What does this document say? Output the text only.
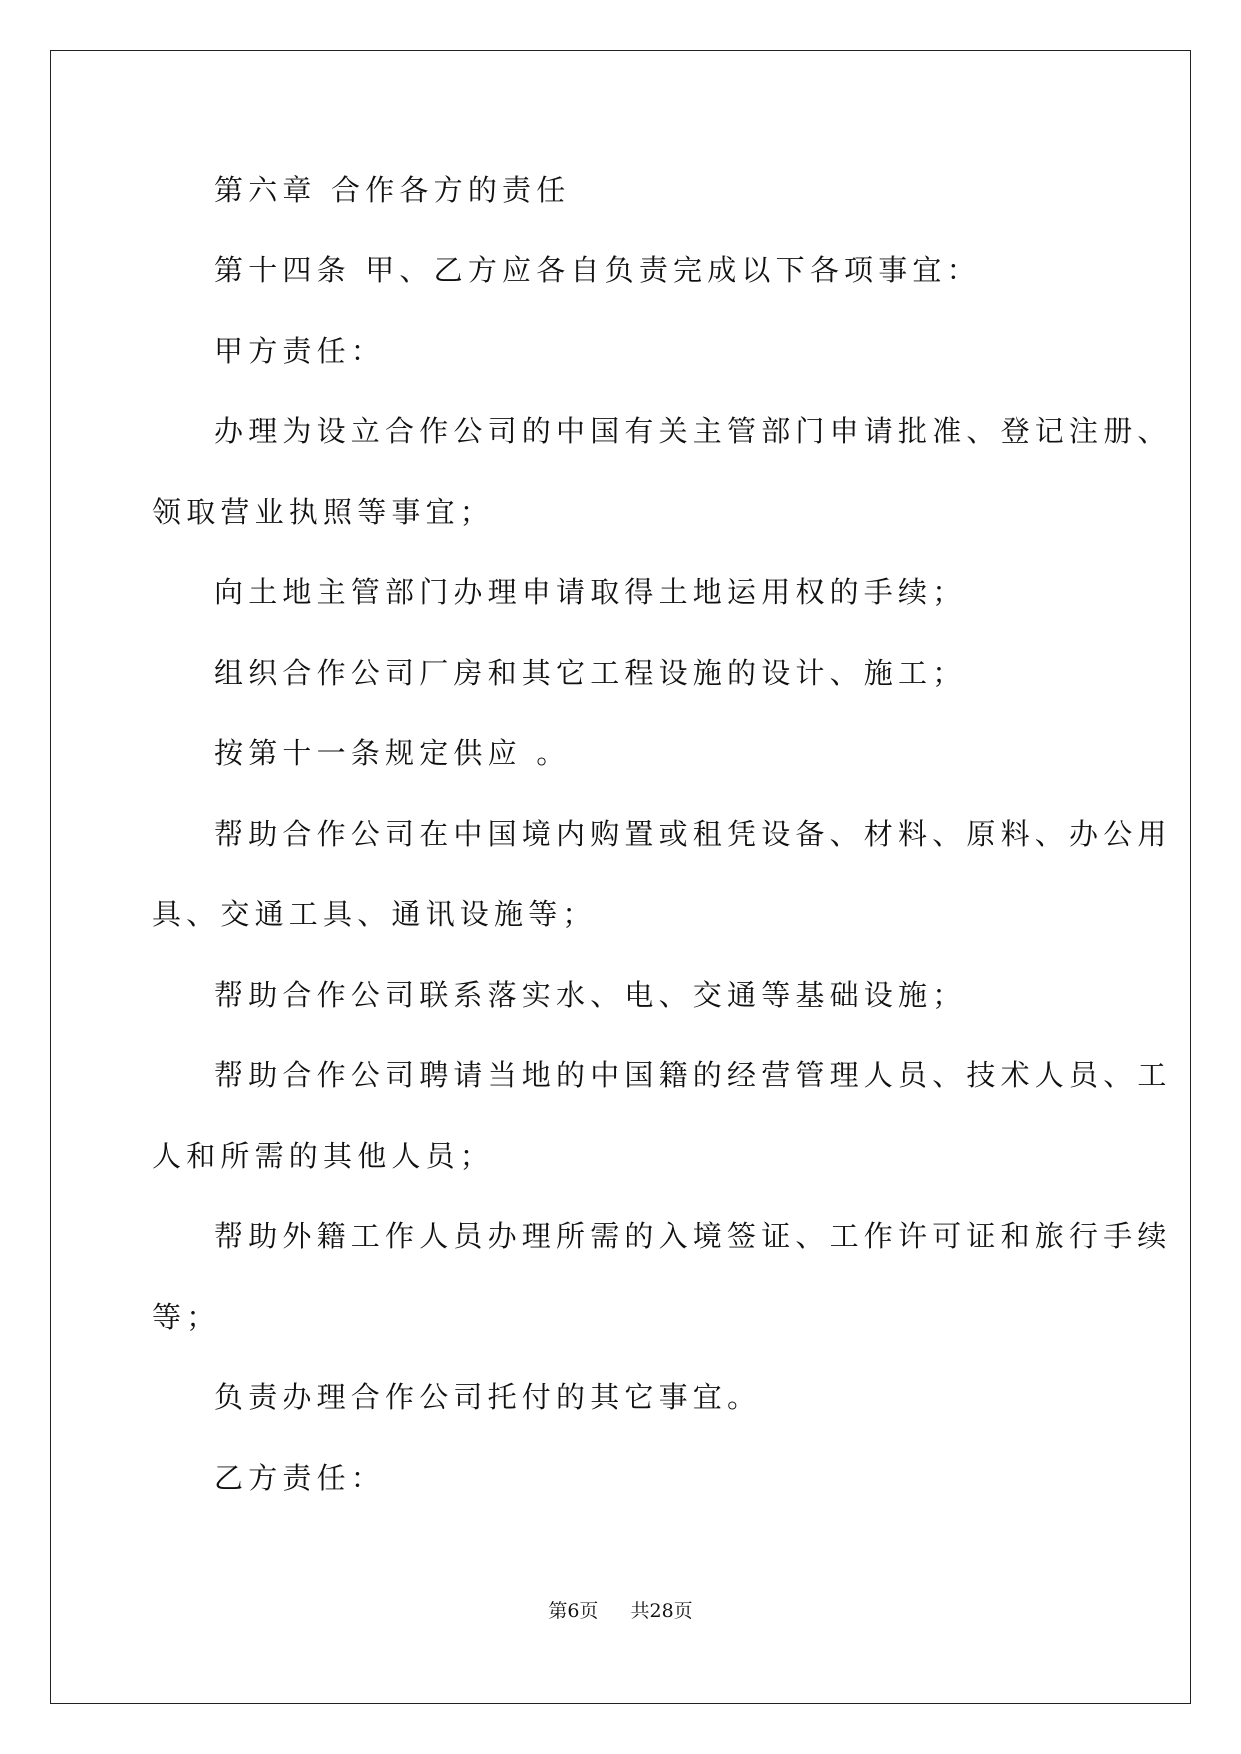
第六章 合作各方的责任

第十四条 甲、乙方应各自负责完成以下各项事宜：

甲方责任：

办理为设立合作公司的中国有关主管部门申请批准、登记注册、

领取营业执照等事宜；

向土地主管部门办理申请取得土地运用权的手续；

组织合作公司厂房和其它工程设施的设计、施工；

按第十一条规定供应 。

帮助合作公司在中国境内购置或租凭设备、材料、原料、办公用

具、交通工具、通讯设施等；

帮助合作公司联系落实水、电、交通等基础设施；

帮助合作公司聘请当地的中国籍的经营管理人员、技术人员、工

人和所需的其他人员；

帮助外籍工作人员办理所需的入境签证、工作许可证和旅行手续

等；

负责办理合作公司托付的其它事宜。

乙方责任：

第6页 共28页
